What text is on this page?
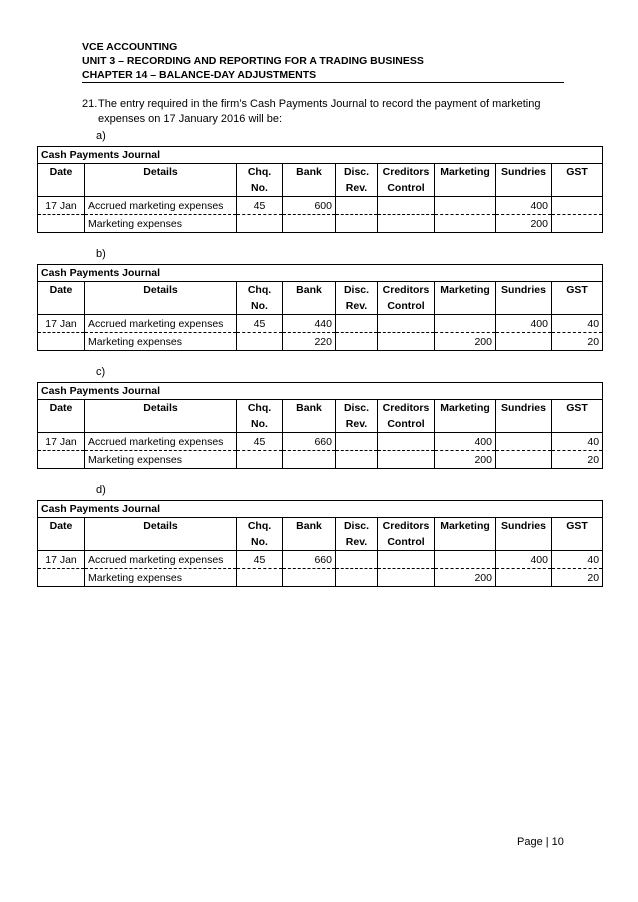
VCE ACCOUNTING
UNIT 3 – RECORDING AND REPORTING FOR A TRADING BUSINESS
CHAPTER 14 – BALANCE-DAY ADJUSTMENTS
21.The entry required in the firm’s Cash Payments Journal to record the payment of marketing
expenses on 17 January 2016 will be:
a)
Cash Payments Journal								
Date	Details	Chq.	Bank	Disc.	Creditors	Marketing	Sundries	GST
		No.		Rev.	Control			
17 Jan	Accrued marketing expenses	45	600				400	
	Marketing expenses						200	
b)
Cash Payments Journal								
Date	Details	Chq.	Bank	Disc.	Creditors	Marketing	Sundries	GST
		No.		Rev.	Control			
17 Jan	Accrued marketing expenses	45	440				400	40
	Marketing expenses		220			200		20
c)
Cash Payments Journal								
Date	Details	Chq.	Bank	Disc.	Creditors	Marketing	Sundries	GST
		No.		Rev.	Control			
17 Jan	Accrued marketing expenses	45	660			400		40
	Marketing expenses					200		20
d)
Cash Payments Journal								
Date	Details	Chq.	Bank	Disc.	Creditors	Marketing	Sundries	GST
		No.		Rev.	Control			
17 Jan	Accrued marketing expenses	45	660				400	40
	Marketing expenses					200		20
Page | 10
